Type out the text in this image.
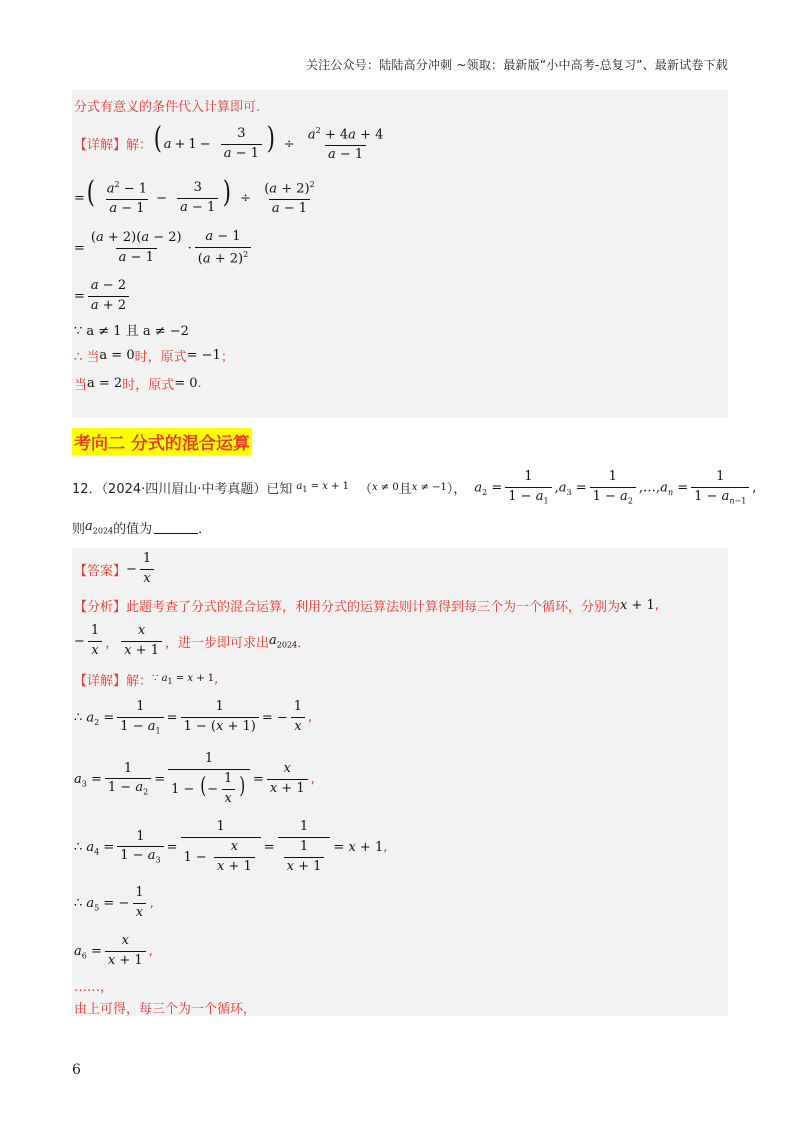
关注公众号：陆陆高分冲刺 ~领取：最新版“小中高考-总复习”、最新试卷下载
分式有意义的条件代入计算即可.
【详解】解： ( $a + 1 - \frac{3}{a - 1}$ ) ÷ $\frac{a^2 + 4a + 4}{a - 1}$
=( $\frac{a^2 - 1}{a - 1} - \frac{3}{a - 1}$ ) ÷ $\frac{(a + 2)^2}{a - 1}$
= $\frac{(a + 2)(a - 2)}{a - 1} \cdot \frac{a - 1}{(a + 2)^2}$
= $\frac{a - 2}{a + 2}$
∵ a ≠ 1 且 a ≠ −2
∴ 当 a = 0 时，原式 = −1 ；
当 a = 2 时，原式 = 0 .
考向二 分式的混合运算
12．（2024·四川眉山·中考真题）已知 $a_1 = x + 1$ （ x ≠ 0 且 x ≠ −1 ）， $a_2 = \frac{1}{1 - a_1} ,a_3 = \frac{1}{1 - a_2}$ $,\dots,a_n = \frac{1}{1 - a_{n-1}}$ ,
则 $a_{2024}$ 的值为	．
【答案】 − $\frac{1}{x}$
【分析】 此题考查了分式的混合运算，利用分式的运算法则计算得到每三个为一个循环，分别为 x + 1 ,
− $\frac{1}{x}$ ， $\frac{x}{x + 1}$ ，进一步即可求出 $a_{2024}$ ．
【详解】解： ∵ $a_1 = x + 1$ ,
∴ $a_2 = \frac{1}{1 - a_1} = \frac{1}{1 - (x + 1)}$ = − $\frac{1}{x}$ ,
$a_3 = \frac{1}{1 - a_2} = \frac{1}{1 - (- \frac{1}{x} )} = \frac{x}{x + 1}$ ,
∴ $a_4 = \frac{1}{1 - a_3} = \frac{1}{1 - \frac{x}{x + 1}} = \frac{1}{\frac{1}{x + 1}} = x + 1$ ,
∴ $a_5$ = − $\frac{1}{x}$ ,
$a_6 = \frac{x}{x + 1}$ ,
……，
由上可得，每三个为一个循环，
6
